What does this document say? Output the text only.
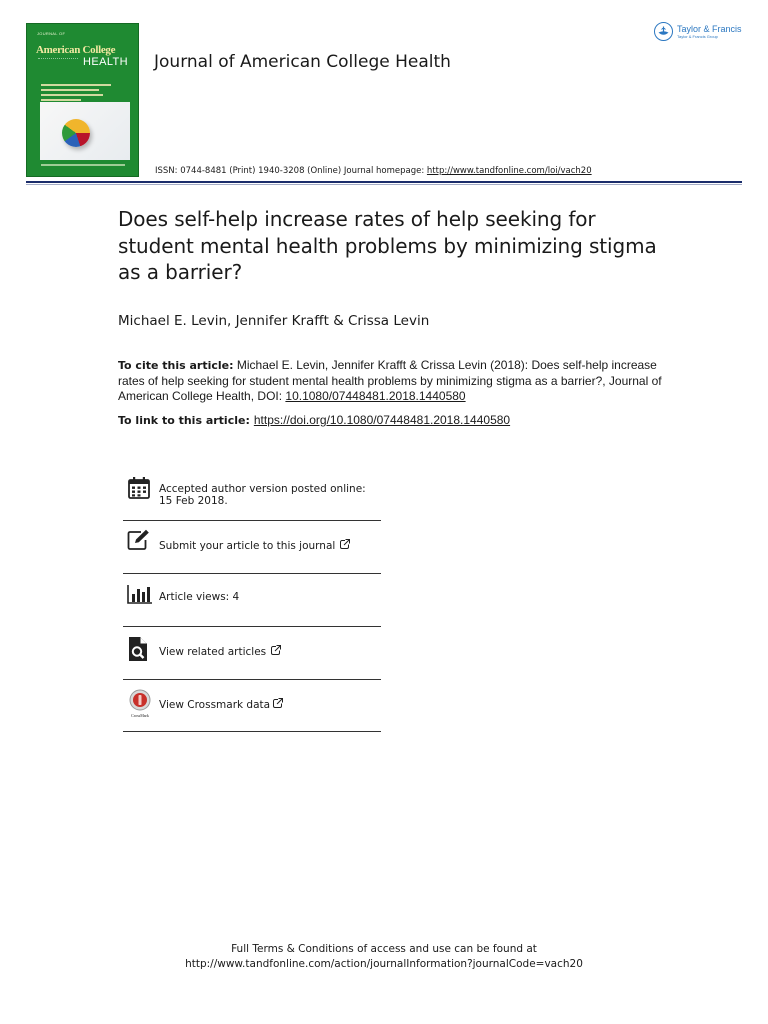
JOURNAL OF
American College
HEALTH Journal of American College Health
Taylor & Francis
Taylor & Francis Group
ISSN: 0744-8481 (Print) 1940-3208 (Online) Journal homepage: http://www.tandfonline.com/loi/vach20
Does self-help increase rates of help seeking for student mental health problems by minimizing stigma as a barrier?
Michael E. Levin, Jennifer Krafft & Crissa Levin
To cite this article: Michael E. Levin, Jennifer Krafft & Crissa Levin (2018): Does self-help increase rates of help seeking for student mental health problems by minimizing stigma as a barrier?, Journal of American College Health, DOI: 10.1080/07448481.2018.1440580
To link to this article: https://doi.org/10.1080/07448481.2018.1440580
Accepted author version posted online: 15 Feb 2018.
Submit your article to this journal
Article views: 4
View related articles
CrossMark
View Crossmark data
Full Terms & Conditions of access and use can be found at
http://www.tandfonline.com/action/journalInformation?journalCode=vach20
